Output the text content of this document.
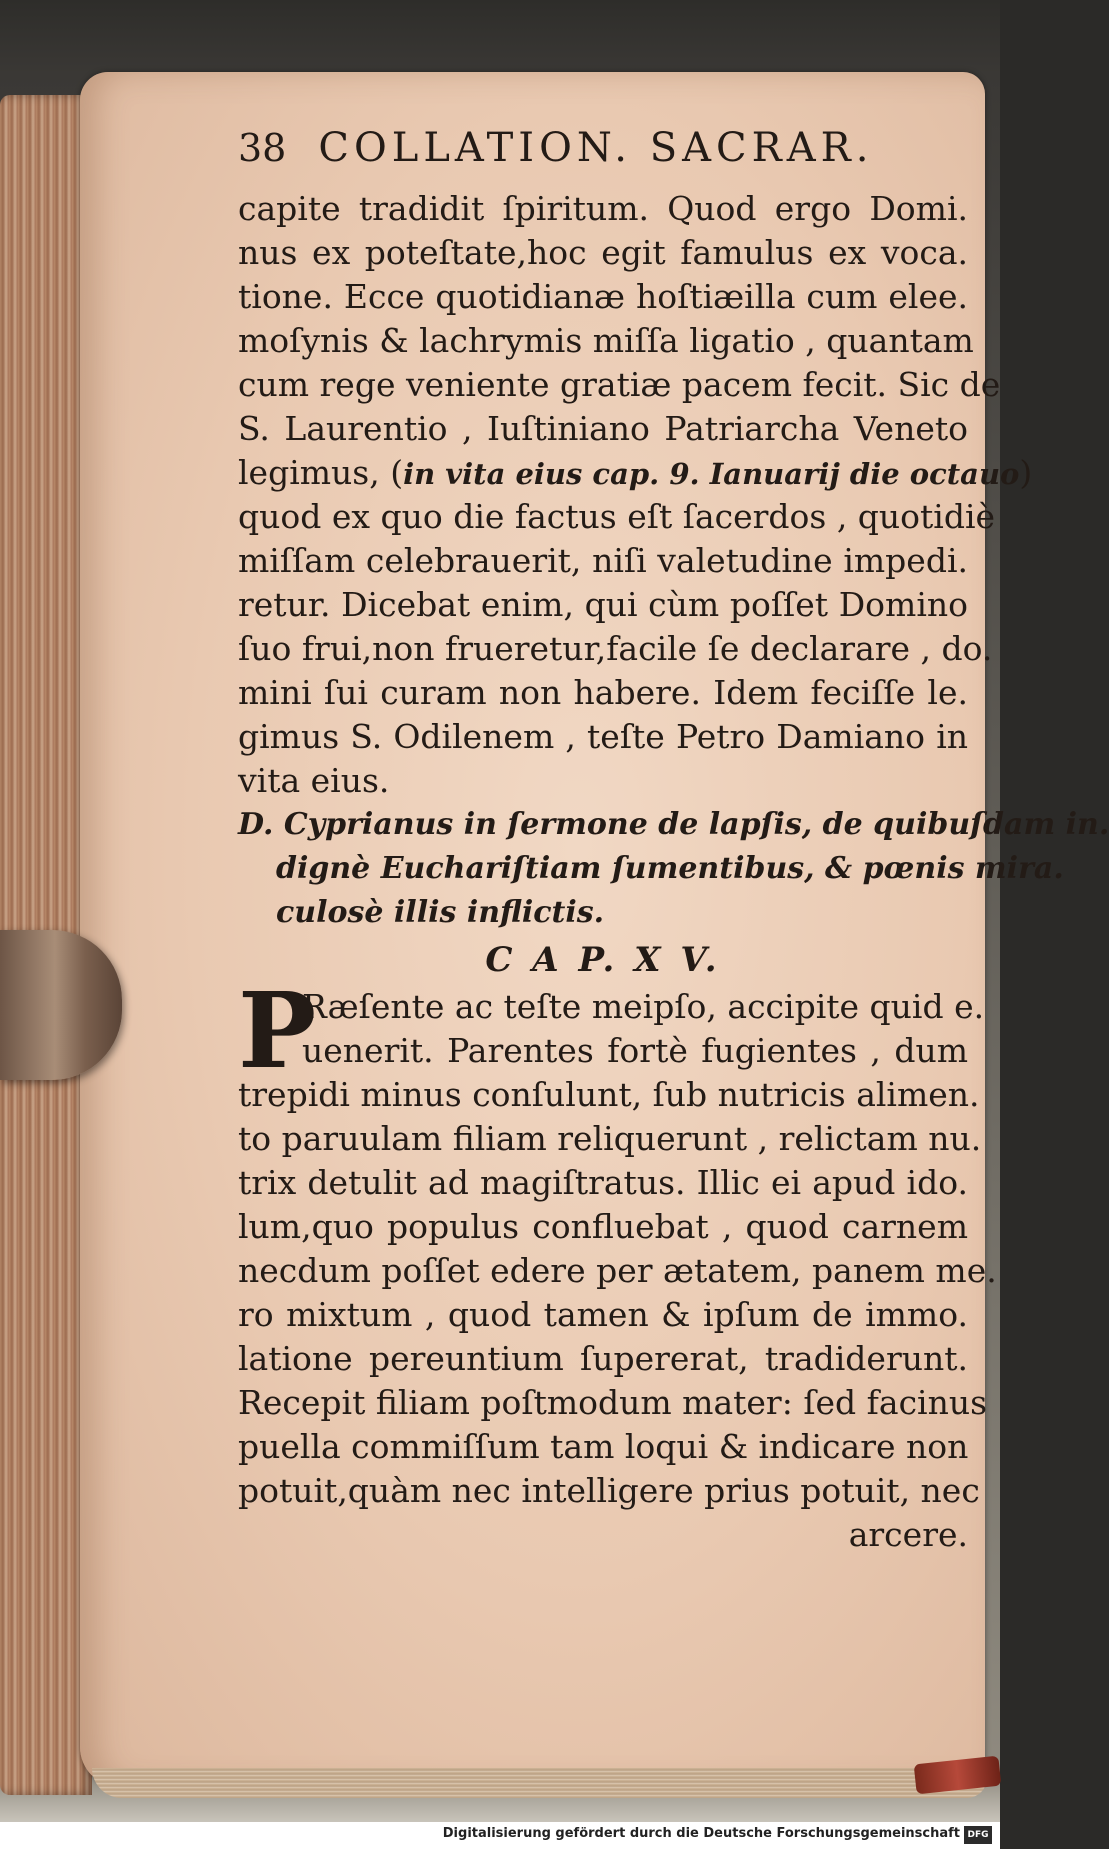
38 COLLATION. SACRAR.
capite tradidit ſpiritum. Quod ergo Domi.
nus ex poteſtate,hoc egit famulus ex voca.
tione. Ecce quotidianæ hoſtiæilla cum elee.
moſynis & lachrymis miſſa ligatio , quantam
cum rege veniente gratiæ pacem fecit. Sic de
S. Laurentio , Iuſtiniano Patriarcha Veneto
legimus, (in vita eius cap. 9. Ianuarij die octauo)
quod ex quo die factus eſt ſacerdos , quotidiè
miſſam celebrauerit, niſi valetudine impedi.
retur. Dicebat enim, qui cùm poſſet Domino
ſuo frui,non frueretur,facile ſe declarare , do.
mini ſui curam non habere. Idem feciſſe le.
gimus S. Odilenem , teſte Petro Damiano in
vita eius.
D. Cyprianus in ſermone de lapſis, de quibuſdam in.
dignè Euchariſtiam ſumentibus, & pœnis mira.
culosè illis inflictis.
C A P. X V.
P
Ræſente ac teſte meipſo, accipite quid e.
uenerit. Parentes fortè fugientes , dum
trepidi minus conſulunt, ſub nutricis alimen.
to paruulam filiam reliquerunt , relictam nu.
trix detulit ad magiſtratus. Illic ei apud ido.
lum,quo populus confluebat , quod carnem
necdum poſſet edere per ætatem, panem me.
ro mixtum , quod tamen & ipſum de immo.
latione pereuntium ſupererat, tradiderunt.
Recepit filiam poſtmodum mater: ſed facinus
puella commiſſum tam loqui & indicare non
potuit,quàm nec intelligere prius potuit, nec
arcere.
Digitalisierung gefördert durch die Deutsche Forschungsgemeinschaft DFG
